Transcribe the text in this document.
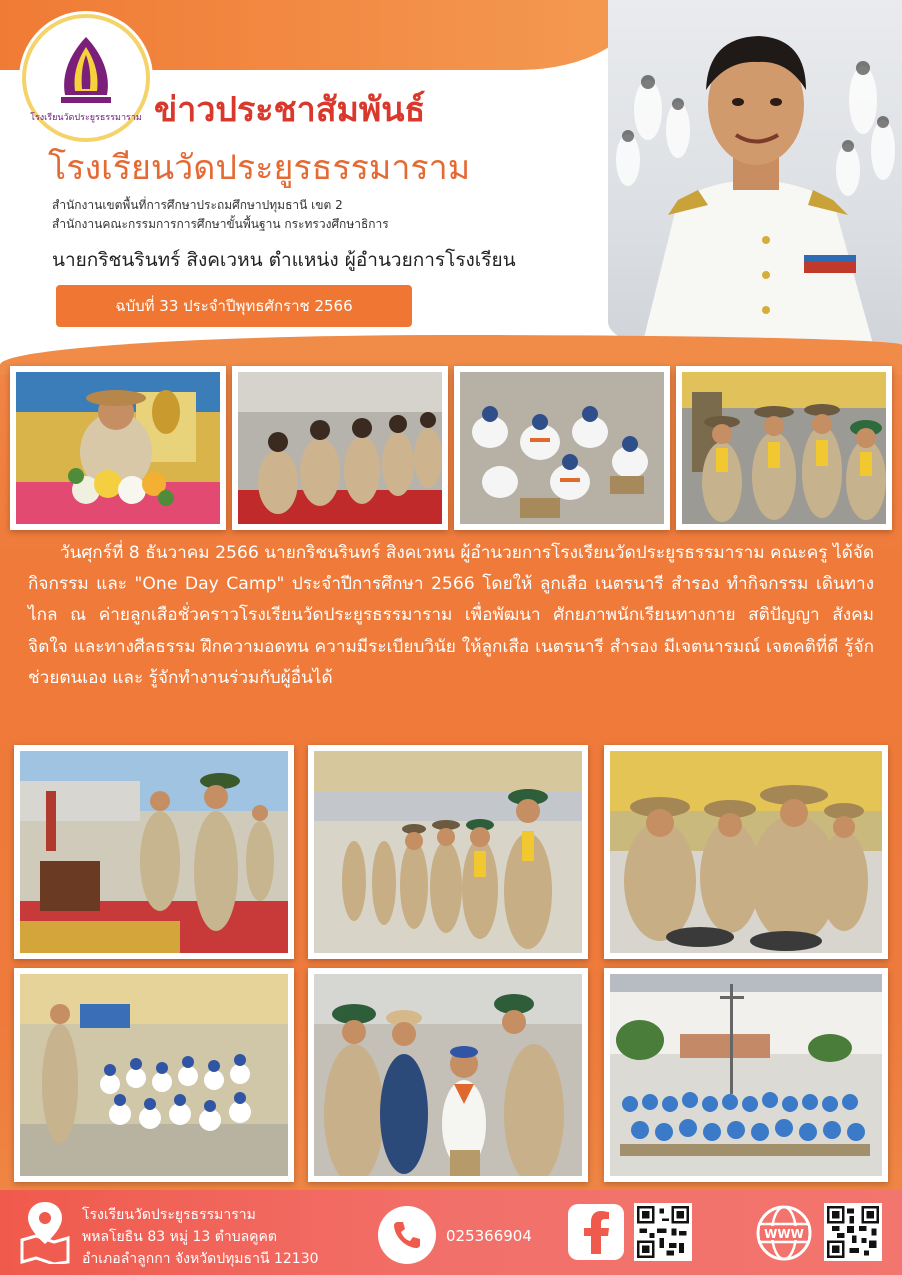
โรงเรียนวัดประยูรธรรมาราม ข่าวประชาสัมพันธ์
โรงเรียนวัดประยูรธรรมาราม
สำนักงานเขตพื้นที่การศึกษาประถมศึกษาปทุมธานี เขต 2
สำนักงานคณะกรรมการการศึกษาขั้นพื้นฐาน กระทรวงศึกษาธิการ
นายกริชนรินทร์ สิงคเวหน ตำแหน่ง ผู้อำนวยการโรงเรียน
ฉบับที่ 33 ประจำปีพุทธศักราช 2566

วันศุกร์ที่ 8 ธันวาคม 2566 นายกริชนรินทร์ สิงคเวหน ผู้อำนวยการโรงเรียนวัดประยูรธรรมาราม คณะครู ได้จัดกิจกรรม และ "One Day Camp" ประจำปีการศึกษา 2566 โดยให้ ลูกเสือ เนตรนารี สำรอง ทำกิจกรรม เดินทางไกล ณ ค่ายลูกเสือชั่วคราวโรงเรียนวัดประยูรธรรมาราม เพื่อพัฒนา ศักยภาพนักเรียนทางกาย สติปัญญา สังคม จิตใจ และทางศีลธรรม ฝึกความอดทน ความมีระเบียบวินัย ให้ลูกเสือ เนตรนารี สำรอง มีเจตนารมณ์ เจตคติที่ดี รู้จักช่วยตนเอง และ รู้จักทำงานร่วมกับผู้อื่นได้

โรงเรียนวัดประยูรธรรมาราม
พหลโยธิน 83 หมู่ 13 ตำบลคูคต
อำเภอลำลูกกา จังหวัดปทุมธานี 12130
025366904	WWW
